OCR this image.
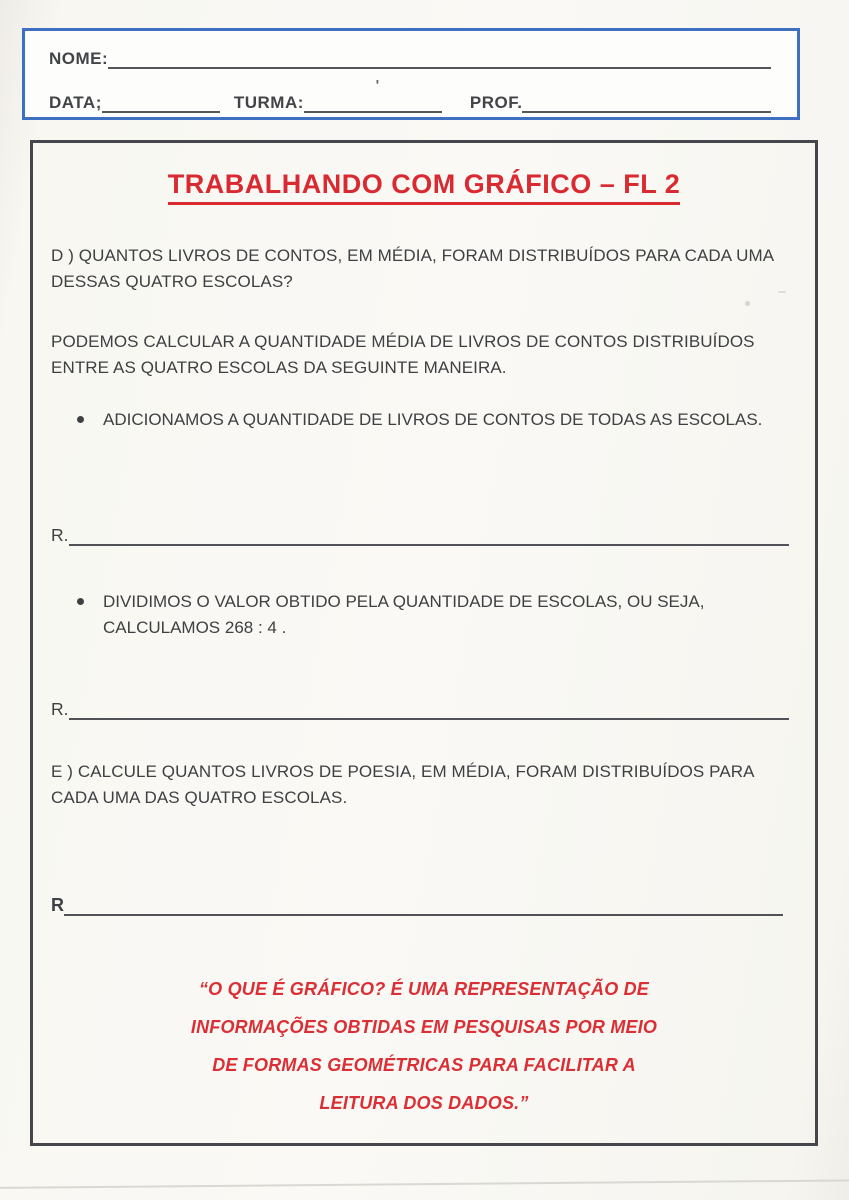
NOME:
DATA;	TURMA:
'
PROF.
TRABALHANDO COM GRÁFICO – FL 2

D ) QUANTOS LIVROS DE CONTOS, EM MÉDIA, FORAM DISTRIBUÍDOS PARA CADA UMA DESSAS QUATRO ESCOLAS?

PODEMOS CALCULAR A QUANTIDADE MÉDIA DE LIVROS DE CONTOS DISTRIBUÍDOS ENTRE AS QUATRO ESCOLAS DA SEGUINTE MANEIRA.

ADICIONAMOS A QUANTIDADE DE LIVROS DE CONTOS DE TODAS AS ESCOLAS.
R.
DIVIDIMOS O VALOR OBTIDO PELA QUANTIDADE DE ESCOLAS, OU SEJA, CALCULAMOS 268 : 4 .
R.

E ) CALCULE QUANTOS LIVROS DE POESIA, EM MÉDIA, FORAM DISTRIBUÍDOS PARA CADA UMA DAS QUATRO ESCOLAS.

R
“O QUE É GRÁFICO? É UMA REPRESENTAÇÃO DE
INFORMAÇÕES OBTIDAS EM PESQUISAS POR MEIO
DE FORMAS GEOMÉTRICAS PARA FACILITAR A
LEITURA DOS DADOS.”
